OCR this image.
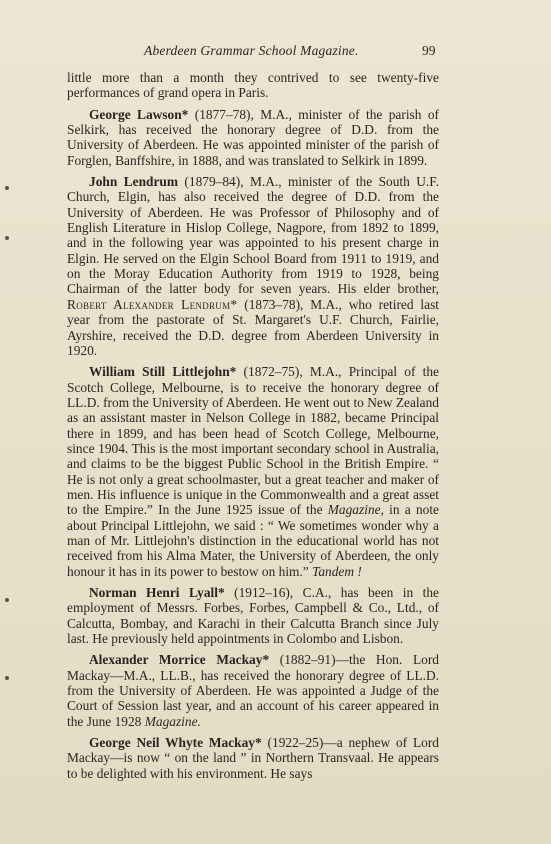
Aberdeen Grammar School Magazine.	99

little more than a month they contrived to see twenty-five performances of grand opera in Paris.

George Lawson* (1877–78), M.A., minister of the parish of Selkirk, has received the honorary degree of D.D. from the University of Aberdeen. He was appointed minister of the parish of Forglen, Banffshire, in 1888, and was translated to Selkirk in 1899.

John Lendrum (1879–84), M.A., minister of the South U.F. Church, Elgin, has also received the degree of D.D. from the University of Aberdeen. He was Professor of Philosophy and of English Literature in Hislop College, Nagpore, from 1892 to 1899, and in the following year was appointed to his present charge in Elgin. He served on the Elgin School Board from 1911 to 1919, and on the Moray Education Authority from 1919 to 1928, being Chairman of the latter body for seven years. His elder brother, Robert Alexander Lendrum* (1873–78), M.A., who retired last year from the pastorate of St. Margaret's U.F. Church, Fairlie, Ayrshire, received the D.D. degree from Aberdeen University in 1920.

William Still Littlejohn* (1872–75), M.A., Principal of the Scotch College, Melbourne, is to receive the honorary degree of LL.D. from the University of Aberdeen. He went out to New Zealand as an assistant master in Nelson College in 1882, became Principal there in 1899, and has been head of Scotch College, Melbourne, since 1904. This is the most important secondary school in Australia, and claims to be the biggest Public School in the British Empire. “ He is not only a great schoolmaster, but a great teacher and maker of men. His influence is unique in the Commonwealth and a great asset to the Empire.” In the June 1925 issue of the Magazine, in a note about Principal Littlejohn, we said : “ We sometimes wonder why a man of Mr. Littlejohn's distinction in the educational world has not received from his Alma Mater, the University of Aberdeen, the only honour it has in its power to bestow on him.” Tandem !

Norman Henri Lyall* (1912–16), C.A., has been in the employment of Messrs. Forbes, Forbes, Campbell & Co., Ltd., of Calcutta, Bombay, and Karachi in their Calcutta Branch since July last. He previously held appointments in Colombo and Lisbon.

Alexander Morrice Mackay* (1882–91)—the Hon. Lord Mackay—M.A., LL.B., has received the honorary degree of LL.D. from the University of Aberdeen. He was appointed a Judge of the Court of Session last year, and an account of his career appeared in the June 1928 Magazine.

George Neil Whyte Mackay* (1922–25)—a nephew of Lord Mackay—is now “ on the land ” in Northern Transvaal. He appears to be delighted with his environment. He says
